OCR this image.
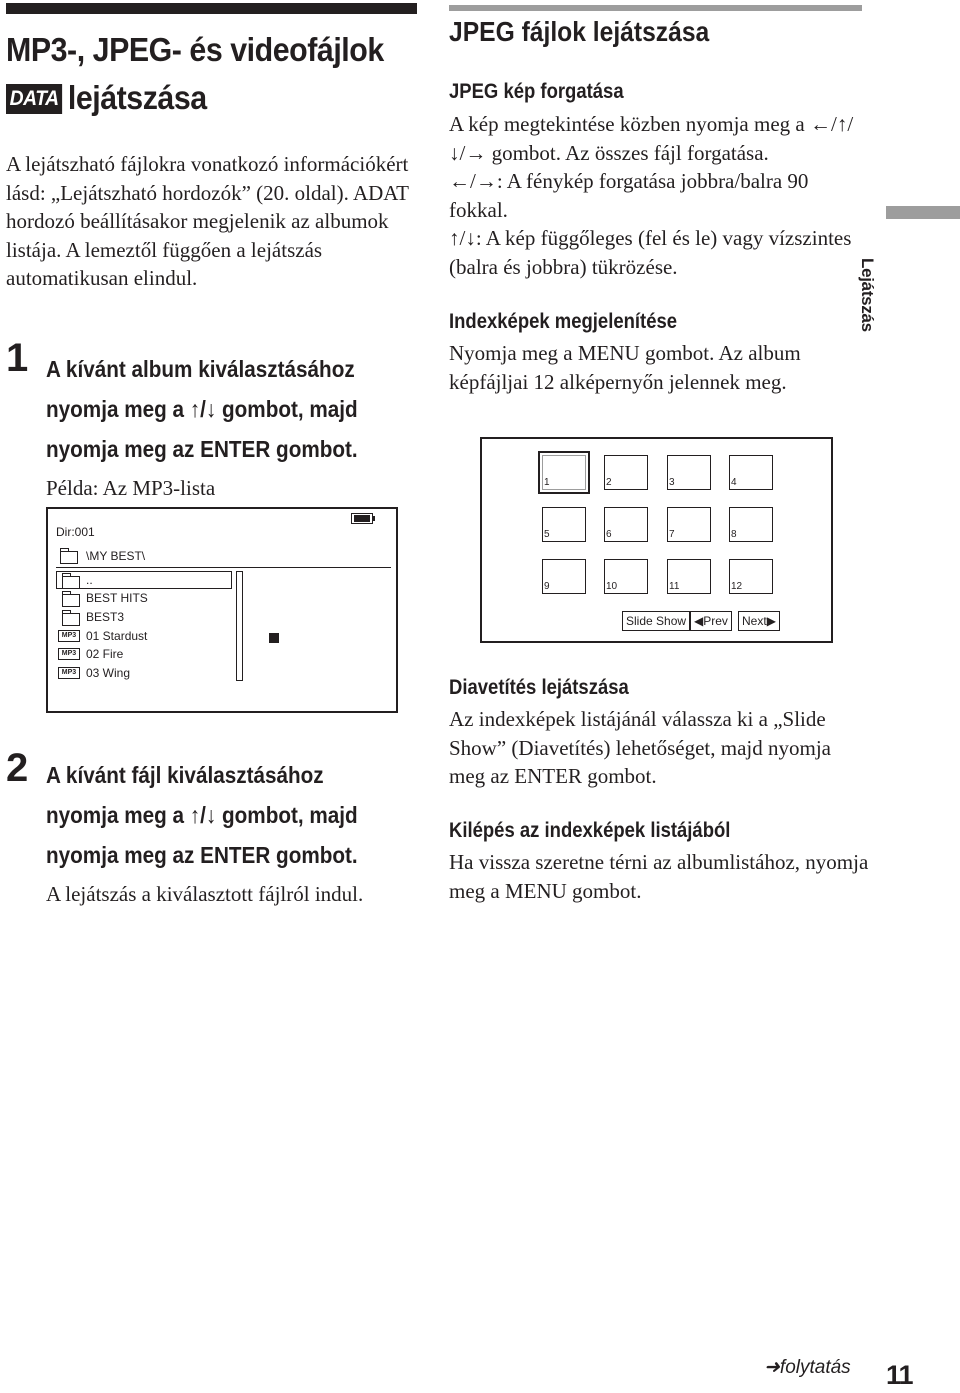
MP3-, JPEG- és videofájlok
DATA lejátszása
A lejátszható fájlokra vonatkozó információkért lásd: „Lejátszható hordozók” (20. oldal). ADAT hordozó beállításakor megjelenik az albumok listája. A lemeztől függően a lejátszás automatikusan elindul.
1 A kívánt album kiválasztásához nyomja meg a ↑/↓ gombot, majd nyomja meg az ENTER gombot.
Példa: Az MP3-lista
Dir:001
\MY BEST\
..
BEST HITS
BEST3
MP3 01 Stardust
MP3 02 Fire
MP3 03 Wing
2 A kívánt fájl kiválasztásához nyomja meg a ↑/↓ gombot, majd nyomja meg az ENTER gombot.
A lejátszás a kiválasztott fájlról indul.
JPEG fájlok lejátszása
JPEG kép forgatása
A kép megtekintése közben nyomja meg a ←/↑/↓/→ gombot. Az összes fájl forgatása.
←/→: A fénykép forgatása jobbra/balra 90 fokkal.
↑/↓: A kép függőleges (fel és le) vagy vízszintes (balra és jobbra) tükrözése.
Indexképek megjelenítése
Nyomja meg a MENU gombot. Az album képfájljai 12 alképernyőn jelennek meg.
1	2	3	4
5	6	7	8
9	10	11	12
Slide Show ◀Prev	Next▶
Diavetítés lejátszása
Az indexképek listájánál válassza ki a „Slide Show” (Diavetítés) lehetőséget, majd nyomja meg az ENTER gombot.
Kilépés az indexképek listájából
Ha vissza szeretne térni az albumlistához, nyomja meg a MENU gombot.
Lejátszás
➜folytatás 11
